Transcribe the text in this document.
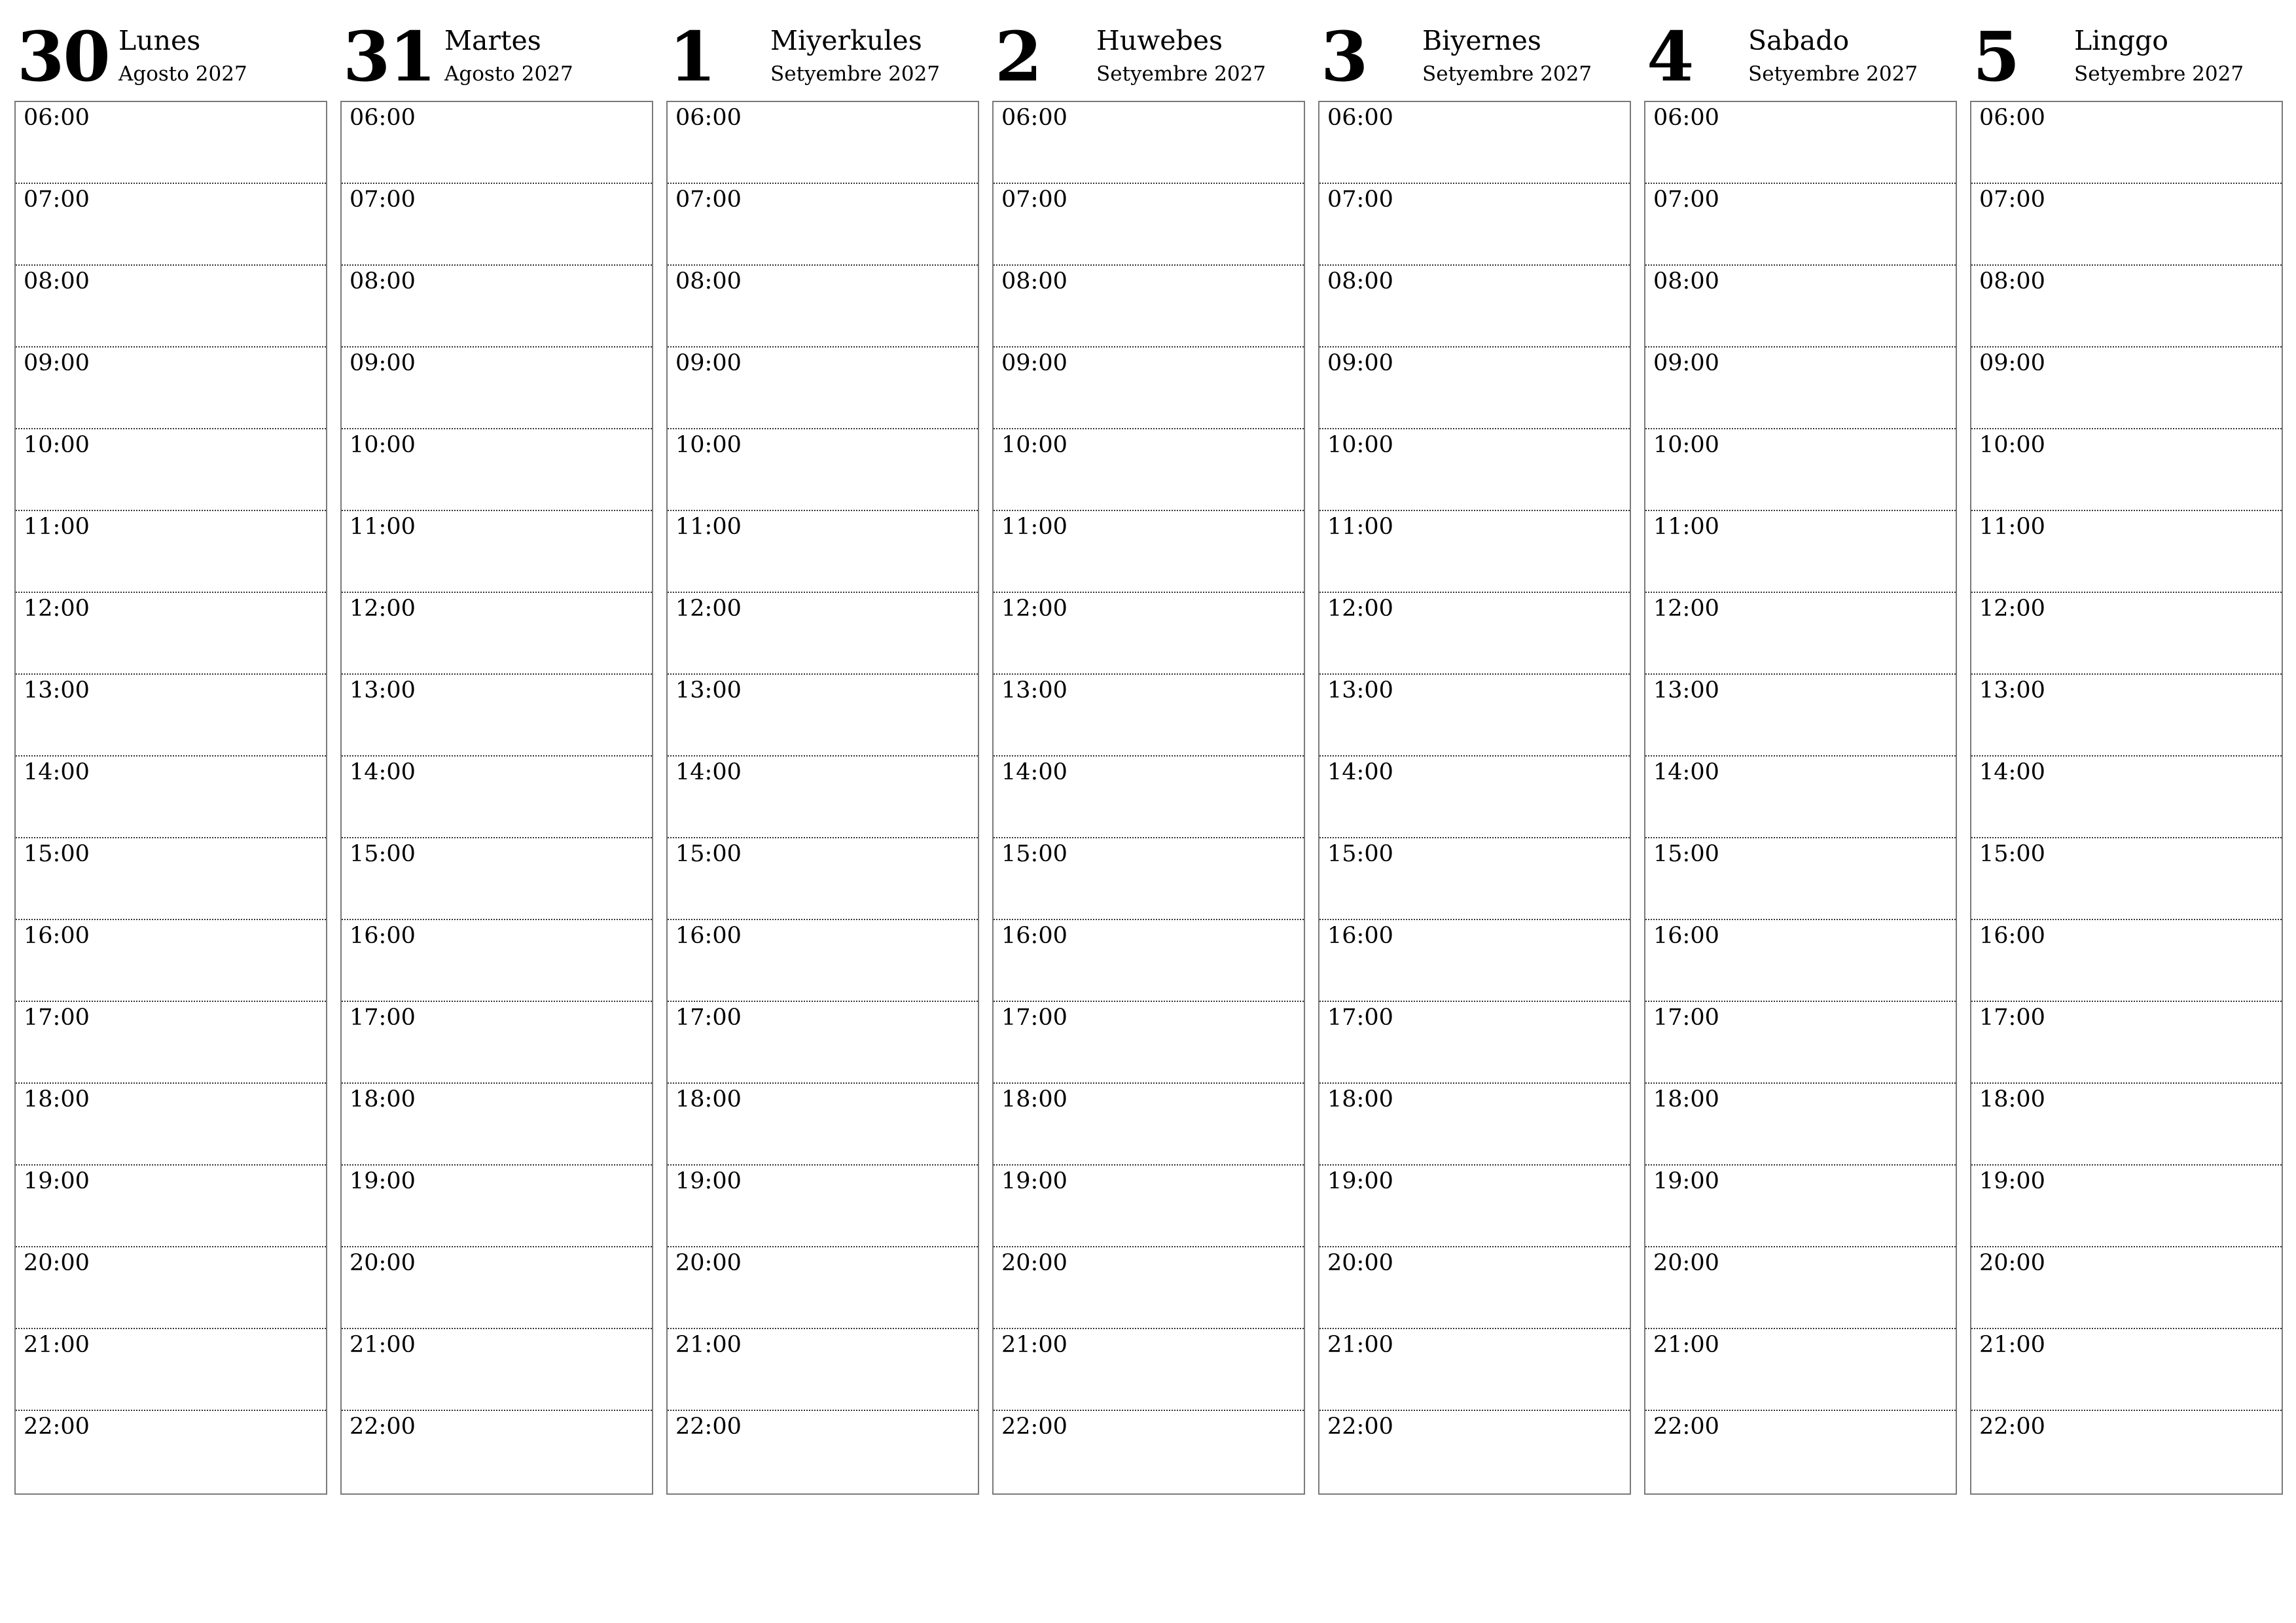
30 Lunes
Agosto 2027
06:00
07:00
08:00
09:00
10:00
11:00
12:00
13:00
14:00
15:00
16:00
17:00
18:00
19:00
20:00
21:00
22:00
31 Martes
Agosto 2027
06:00
07:00
08:00
09:00
10:00
11:00
12:00
13:00
14:00
15:00
16:00
17:00
18:00
19:00
20:00
21:00
22:00
1 Miyerkules
Setyembre 2027
06:00
07:00
08:00
09:00
10:00
11:00
12:00
13:00
14:00
15:00
16:00
17:00
18:00
19:00
20:00
21:00
22:00
2 Huwebes
Setyembre 2027
06:00
07:00
08:00
09:00
10:00
11:00
12:00
13:00
14:00
15:00
16:00
17:00
18:00
19:00
20:00
21:00
22:00
3 Biyernes
Setyembre 2027
06:00
07:00
08:00
09:00
10:00
11:00
12:00
13:00
14:00
15:00
16:00
17:00
18:00
19:00
20:00
21:00
22:00
4 Sabado
Setyembre 2027
06:00
07:00
08:00
09:00
10:00
11:00
12:00
13:00
14:00
15:00
16:00
17:00
18:00
19:00
20:00
21:00
22:00
5 Linggo
Setyembre 2027
06:00
07:00
08:00
09:00
10:00
11:00
12:00
13:00
14:00
15:00
16:00
17:00
18:00
19:00
20:00
21:00
22:00
